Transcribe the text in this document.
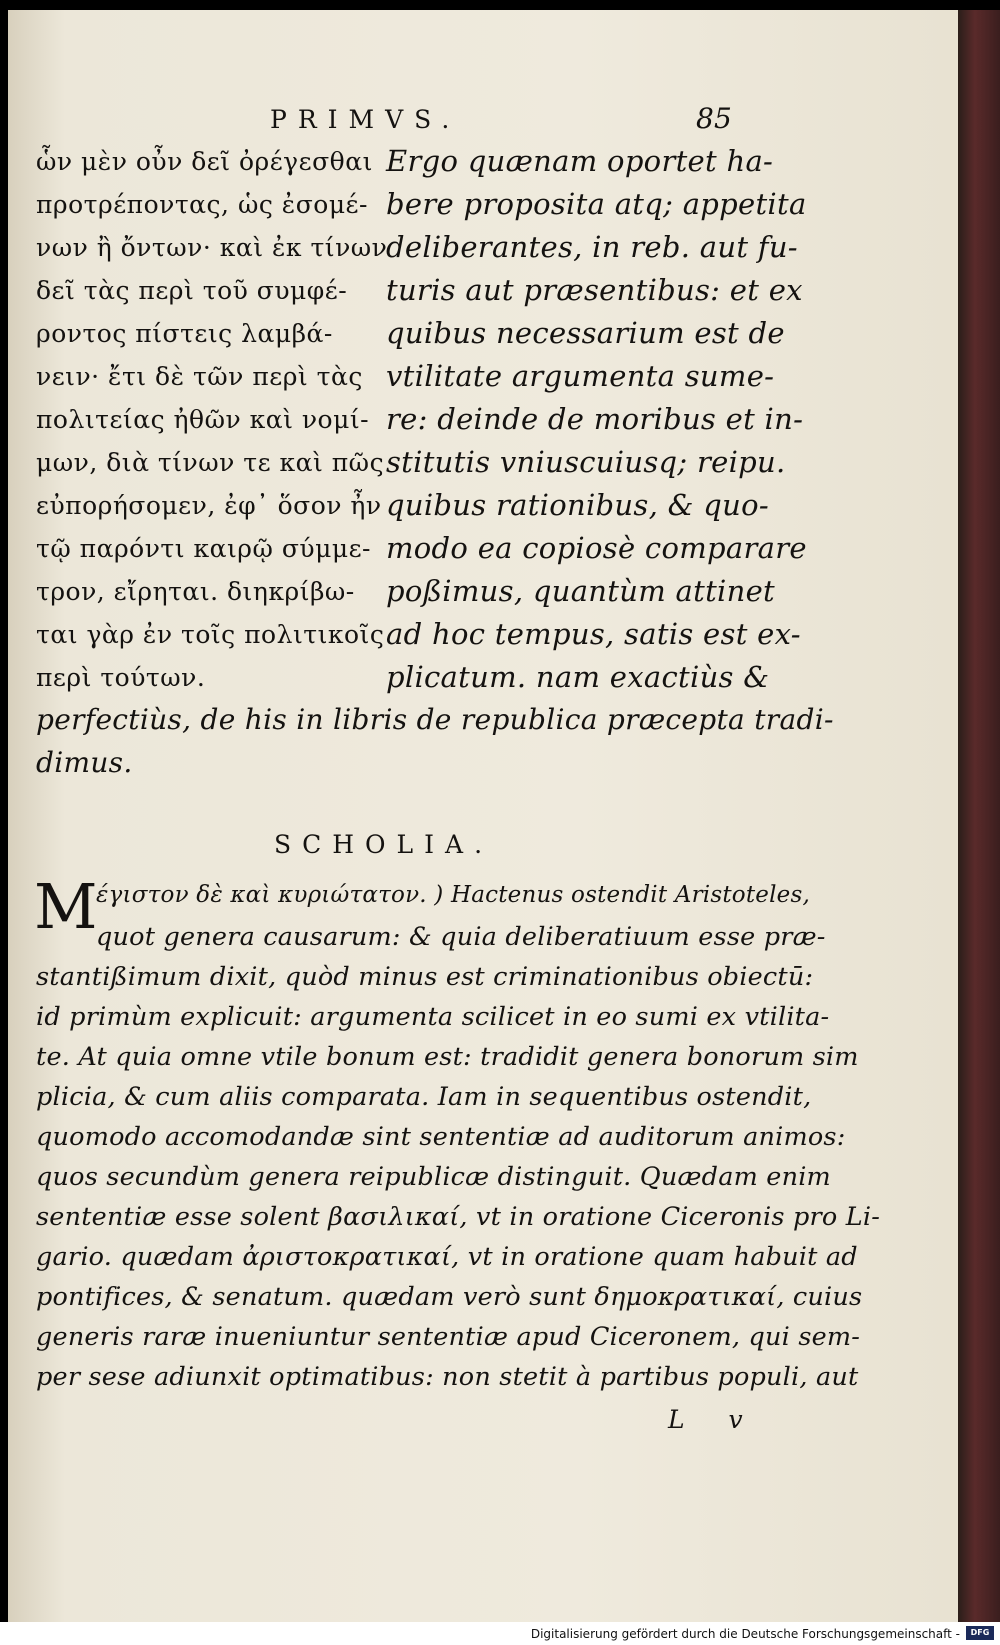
PRIMVS.	85
ὧν μὲν οὖν δεῖ ὀρέγεσθαι
προτρέποντας, ὡς ἐσομέ-
νων ἢ ὄντων· καὶ ἐκ τίνων
δεῖ τὰς περὶ τοῦ συμφέ-
ροντος πίστεις λαμβά-
νειν· ἔτι δὲ τῶν περὶ τὰς
πολιτείας ἠθῶν καὶ νομί-
μων, διὰ τίνων τε καὶ πῶς
εὐπορήσομεν, ἐφ᾽ ὅσον ἦν
τῷ παρόντι καιρῷ σύμμε-
τρον, εἴρηται. διηκρίβω-
ται γὰρ ἐν τοῖς πολιτικοῖς
περὶ τούτων.
Ergo quænam oportet ha-
bere proposita atq; appetita
deliberantes, in reb. aut fu-
turis aut præsentibus: et ex
quibus necessarium est de
vtilitate argumenta sume-
re: deinde de moribus et in-
stitutis vniuscuiusq; reipu.
quibus rationibus, & quo-
modo ea copiosè comparare
poßimus, quantùm attinet
ad hoc tempus, satis est ex-
plicatum. nam exactiùs &
perfectiùs, de his in libris de republica præcepta tradi-
dimus.
SCHOLIA.
M
έγιστον δὲ καὶ κυριώτατον. ) Hactenus ostendit Aristoteles,
quot genera causarum: & quia deliberatiuum esse præ-
stantißimum dixit, quòd minus est criminationibus obiectū:
id primùm explicuit: argumenta scilicet in eo sumi ex vtilita-
te. At quia omne vtile bonum est: tradidit genera bonorum sim
plicia, & cum aliis comparata. Iam in sequentibus ostendit,
quomodo accomodandæ sint sententiæ ad auditorum animos:
quos secundùm genera reipublicæ distinguit. Quædam enim
sententiæ esse solent βασιλικαί, vt in oratione Ciceronis pro Li-
gario. quædam ἀριστοκρατικαί, vt in oratione quam habuit ad
pontifices, & senatum. quædam verò sunt δημοκρατικαί, cuius
generis raræ inueniuntur sententiæ apud Ciceronem, qui sem-
per sese adiunxit optimatibus: non stetit à partibus populi, aut
L v
Digitalisierung gefördert durch die Deutsche Forschungsgemeinschaft -	DFG
